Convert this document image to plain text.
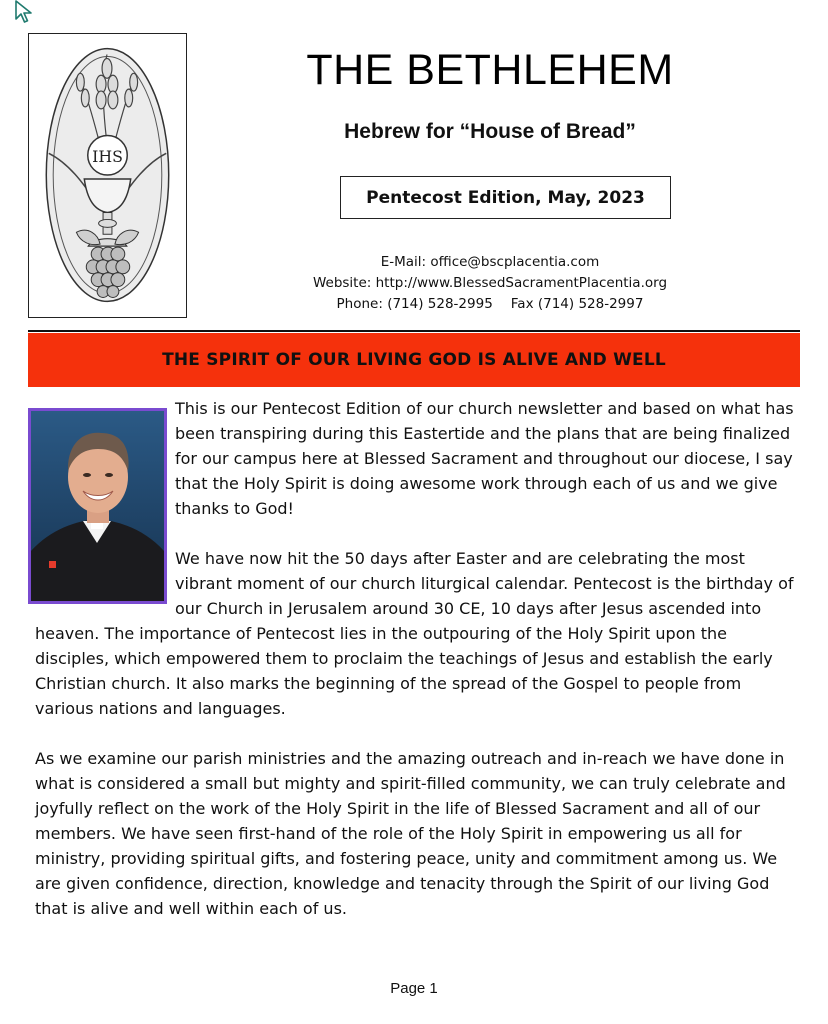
IHS
THE BETHLEHEM
Hebrew for “House of Bread”
Pentecost Edition, May, 2023
E-Mail: office@bscplacentia.com
Website: http://www.BlessedSacramentPlacentia.org
Phone: (714) 528-2995 Fax (714) 528-2997
THE SPIRIT OF OUR LIVING GOD IS ALIVE AND WELL

This is our Pentecost Edition of our church newsletter and based on what has been transpiring during this Eastertide and the plans that are being finalized for our campus here at Blessed Sacrament and throughout our diocese, I say that the Holy Spirit is doing awesome work through each of us and we give thanks to God!

We have now hit the 50 days after Easter and are celebrating the most vibrant moment of our church liturgical calendar. Pentecost is the birthday of our Church in Jerusalem around 30 CE, 10 days after Jesus ascended into heaven. The importance of Pentecost lies in the outpouring of the Holy Spirit upon the disciples, which empowered them to proclaim the teachings of Jesus and establish the early Christian church. It also marks the beginning of the spread of the Gospel to people from various nations and languages.

As we examine our parish ministries and the amazing outreach and in-reach we have done in what is considered a small but mighty and spirit-filled community, we can truly celebrate and joyfully reflect on the work of the Holy Spirit in the life of Blessed Sacrament and all of our members. We have seen first-hand of the role of the Holy Spirit in empowering us all for ministry, providing spiritual gifts, and fostering peace, unity and commitment among us. We are given confidence, direction, knowledge and tenacity through the Spirit of our living God that is alive and well within each of us.

Page 1
